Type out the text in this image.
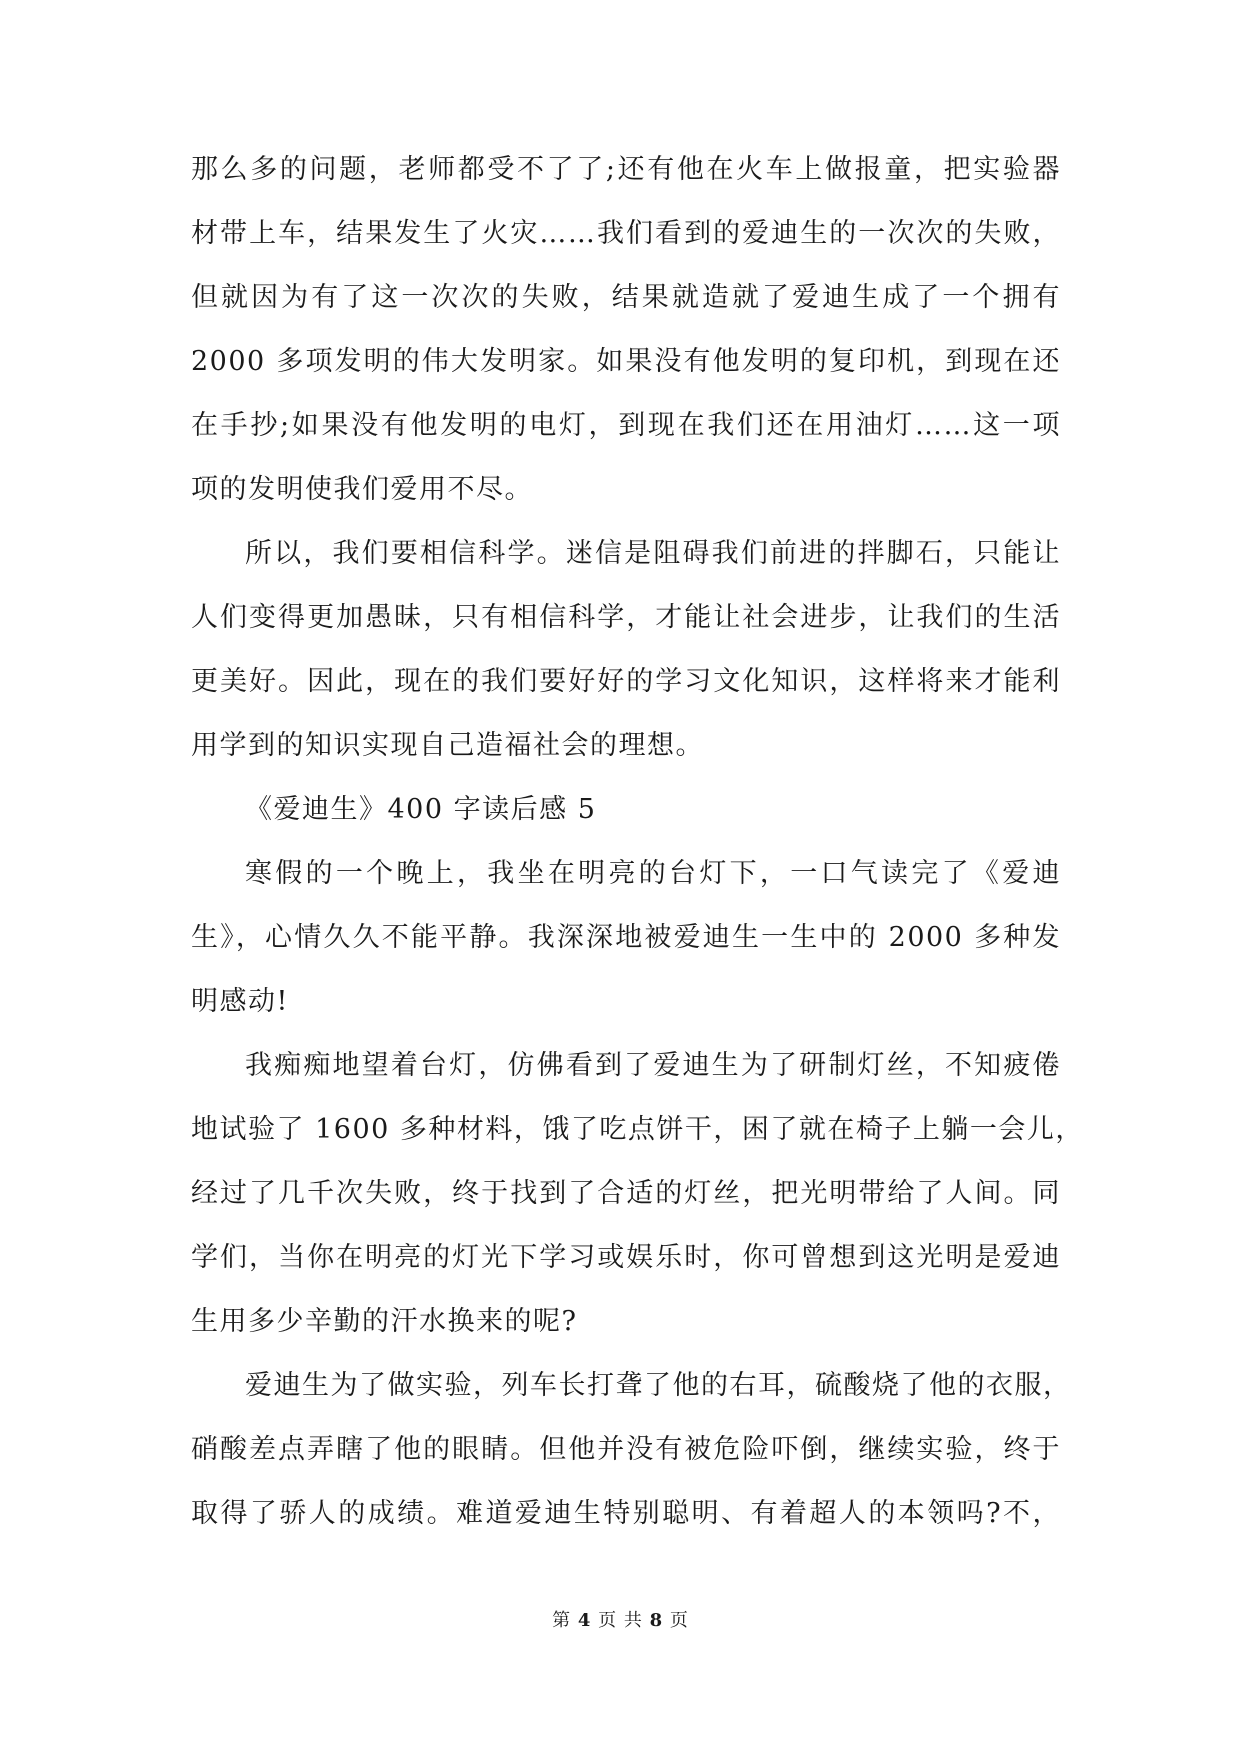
那么多的问题，老师都受不了了;还有他在火车上做报童，把实验器
材带上车，结果发生了火灾……我们看到的爱迪生的一次次的失败，
但就因为有了这一次次的失败，结果就造就了爱迪生成了一个拥有
2000 多项发明的伟大发明家。如果没有他发明的复印机，到现在还
在手抄;如果没有他发明的电灯，到现在我们还在用油灯……这一项
项的发明使我们爱用不尽。
所以，我们要相信科学。迷信是阻碍我们前进的拌脚石，只能让
人们变得更加愚昧，只有相信科学，才能让社会进步，让我们的生活
更美好。因此，现在的我们要好好的学习文化知识，这样将来才能利
用学到的知识实现自己造福社会的理想。
《爱迪生》400 字读后感 5
寒假的一个晚上，我坐在明亮的台灯下，一口气读完了《爱迪
生》，心情久久不能平静。我深深地被爱迪生一生中的 2000 多种发
明感动!
我痴痴地望着台灯，仿佛看到了爱迪生为了研制灯丝，不知疲倦
地试验了 1600 多种材料，饿了吃点饼干，困了就在椅子上躺一会儿，
经过了几千次失败，终于找到了合适的灯丝，把光明带给了人间。同
学们，当你在明亮的灯光下学习或娱乐时，你可曾想到这光明是爱迪
生用多少辛勤的汗水换来的呢?
爱迪生为了做实验，列车长打聋了他的右耳，硫酸烧了他的衣服，
硝酸差点弄瞎了他的眼睛。但他并没有被危险吓倒，继续实验，终于
取得了骄人的成绩。难道爱迪生特别聪明、有着超人的本领吗?不，
第 4 页 共 8 页
